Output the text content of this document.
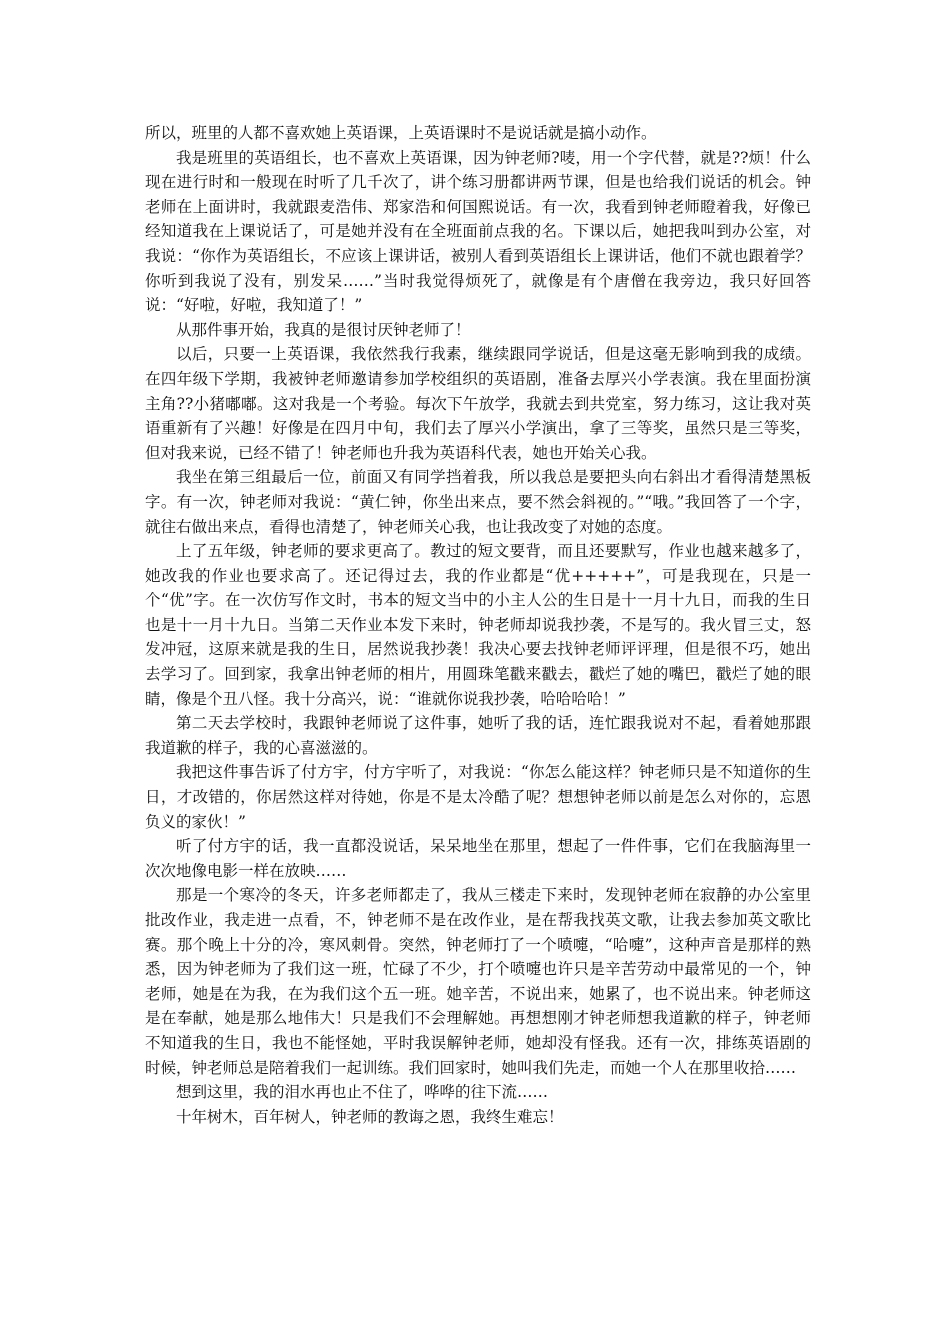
所以，班里的人都不喜欢她上英语课，上英语课时不是说话就是搞小动作。

我是班里的英语组长，也不喜欢上英语课，因为钟老师?唛，用一个字代替，就是??烦！什么现在进行时和一般现在时听了几千次了，讲个练习册都讲两节课，但是也给我们说话的机会。钟老师在上面讲时，我就跟麦浩伟、郑家浩和何国熙说话。有一次，我看到钟老师瞪着我，好像已经知道我在上课说话了，可是她并没有在全班面前点我的名。下课以后，她把我叫到办公室，对我说：“你作为英语组长，不应该上课讲话，被别人看到英语组长上课讲话，他们不就也跟着学？你听到我说了没有，别发呆……”当时我觉得烦死了，就像是有个唐僧在我旁边，我只好回答说：“好啦，好啦，我知道了！”

从那件事开始，我真的是很讨厌钟老师了！

以后，只要一上英语课，我依然我行我素，继续跟同学说话，但是这毫无影响到我的成绩。在四年级下学期，我被钟老师邀请参加学校组织的英语剧，准备去厚兴小学表演。我在里面扮演主角??小猪嘟嘟。这对我是一个考验。每次下午放学，我就去到共党室，努力练习，这让我对英语重新有了兴趣！好像是在四月中旬，我们去了厚兴小学演出，拿了三等奖，虽然只是三等奖，但对我来说，已经不错了！钟老师也升我为英语科代表，她也开始关心我。

我坐在第三组最后一位，前面又有同学挡着我，所以我总是要把头向右斜出才看得清楚黑板字。有一次，钟老师对我说：“黄仁钟，你坐出来点，要不然会斜视的。”“哦。”我回答了一个字，就往右做出来点，看得也清楚了，钟老师关心我，也让我改变了对她的态度。

上了五年级，钟老师的要求更高了。教过的短文要背，而且还要默写，作业也越来越多了，她改我的作业也要求高了。还记得过去，我的作业都是“优+++++”，可是我现在，只是一个“优”字。在一次仿写作文时，书本的短文当中的小主人公的生日是十一月十九日，而我的生日也是十一月十九日。当第二天作业本发下来时，钟老师却说我抄袭，不是写的。我火冒三丈，怒发冲冠，这原来就是我的生日，居然说我抄袭！我决心要去找钟老师评评理，但是很不巧，她出去学习了。回到家，我拿出钟老师的相片，用圆珠笔戳来戳去，戳烂了她的嘴巴，戳烂了她的眼睛，像是个丑八怪。我十分高兴，说：“谁就你说我抄袭，哈哈哈哈！”

第二天去学校时，我跟钟老师说了这件事，她听了我的话，连忙跟我说对不起，看着她那跟我道歉的样子，我的心喜滋滋的。

我把这件事告诉了付方宇，付方宇听了，对我说：“你怎么能这样？钟老师只是不知道你的生日，才改错的，你居然这样对待她，你是不是太冷酷了呢？想想钟老师以前是怎么对你的，忘恩负义的家伙！”

听了付方宇的话，我一直都没说话，呆呆地坐在那里，想起了一件件事，它们在我脑海里一次次地像电影一样在放映……

那是一个寒冷的冬天，许多老师都走了，我从三楼走下来时，发现钟老师在寂静的办公室里批改作业，我走进一点看，不，钟老师不是在改作业，是在帮我找英文歌，让我去参加英文歌比赛。那个晚上十分的冷，寒风刺骨。突然，钟老师打了一个喷嚏，“哈嚏”，这种声音是那样的熟悉，因为钟老师为了我们这一班，忙碌了不少，打个喷嚏也许只是辛苦劳动中最常见的一个，钟老师，她是在为我，在为我们这个五一班。她辛苦，不说出来，她累了，也不说出来。钟老师这是在奉献，她是那么地伟大！只是我们不会理解她。再想想刚才钟老师想我道歉的样子，钟老师不知道我的生日，我也不能怪她，平时我误解钟老师，她却没有怪我。还有一次，排练英语剧的时候，钟老师总是陪着我们一起训练。我们回家时，她叫我们先走，而她一个人在那里收拾……

想到这里，我的泪水再也止不住了，哗哗的往下流……

十年树木，百年树人，钟老师的教诲之恩，我终生难忘！
